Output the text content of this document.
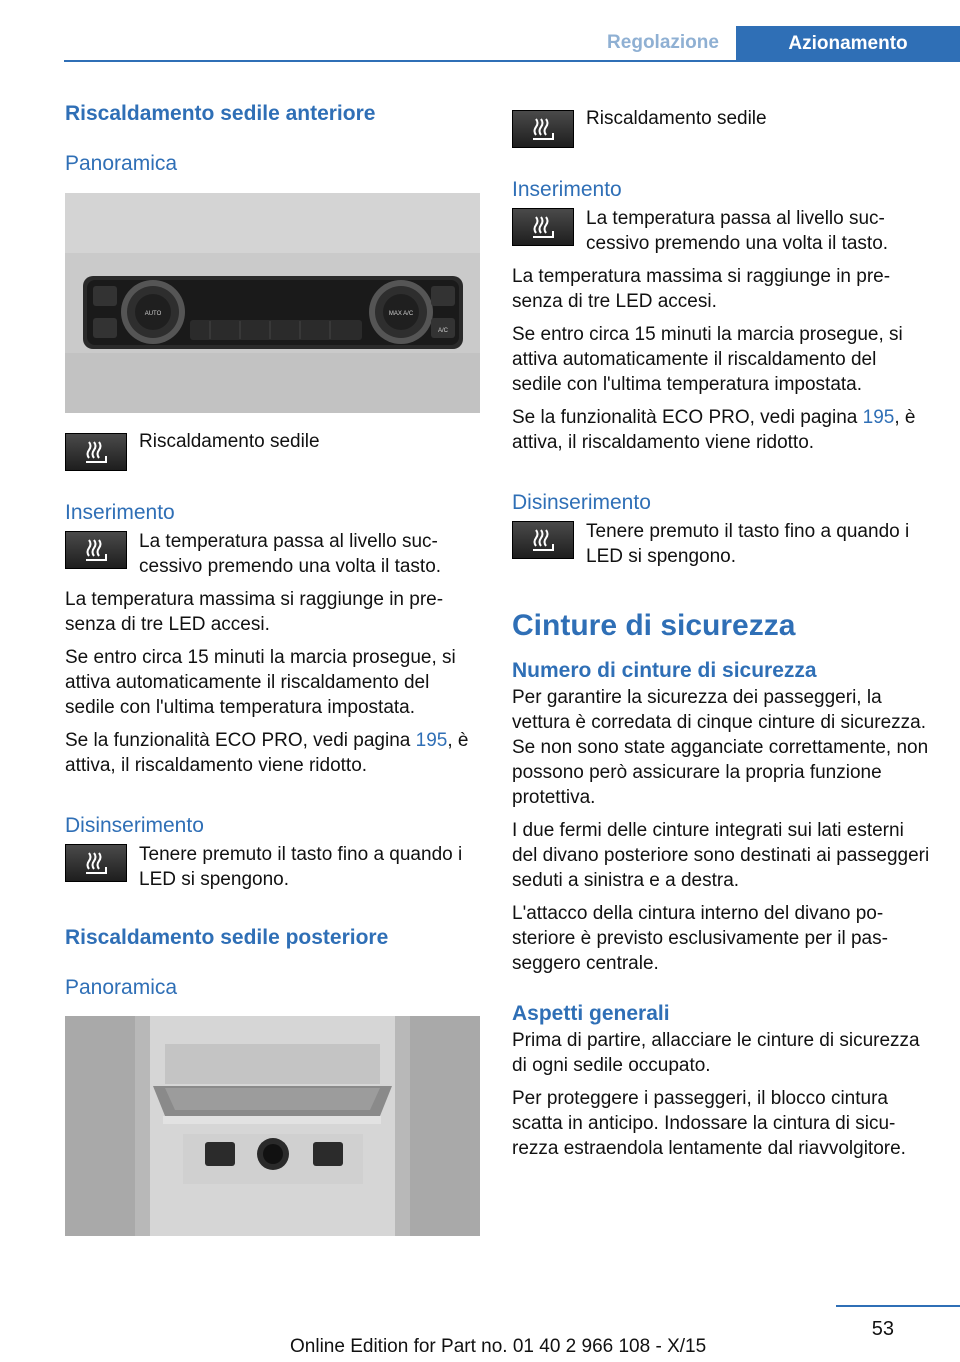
Regolazione	Azionamento
Riscaldamento sedile anteriore
Panoramica
AUTO	MAX A/C
A/C

Riscaldamento sedile

Inserimento

La temperatura passa al livello successivo premendo una volta il tasto.

La temperatura massima si raggiunge in presenza di tre LED accesi.

Se entro circa 15 minuti la marcia prosegue, si attiva automaticamente il riscaldamento del sedile con l'ultima temperatura impostata.

Se la funzionalità ECO PRO, vedi pagina 195, è attiva, il riscaldamento viene ridotto.

Disinserimento

Tenere premuto il tasto fino a quando i LED si spengono.

Riscaldamento sedile posteriore
Panoramica

Riscaldamento sedile

Inserimento

La temperatura passa al livello successivo premendo una volta il tasto.

La temperatura massima si raggiunge in presenza di tre LED accesi.

Se entro circa 15 minuti la marcia prosegue, si attiva automaticamente il riscaldamento del sedile con l'ultima temperatura impostata.

Se la funzionalità ECO PRO, vedi pagina 195, è attiva, il riscaldamento viene ridotto.

Disinserimento

Tenere premuto il tasto fino a quando i LED si spengono.

Cinture di sicurezza
Numero di cinture di sicurezza

Per garantire la sicurezza dei passeggeri, la vettura è corredata di cinque cinture di sicurezza. Se non sono state agganciate correttamente, non possono però assicurare la propria funzione protettiva.

I due fermi delle cinture integrati sui lati esterni del divano posteriore sono destinati ai passeggeri seduti a sinistra e a destra.

L'attacco della cintura interno del divano posteriore è previsto esclusivamente per il passeggero centrale.

Aspetti generali

Prima di partire, allacciare le cinture di sicurezza di ogni sedile occupato.

Per proteggere i passeggeri, il blocco cintura scatta in anticipo. Indossare la cintura di sicurezza estraendola lentamente dal riavvolgitore.

53
Online Edition for Part no. 01 40 2 966 108 - X/15
